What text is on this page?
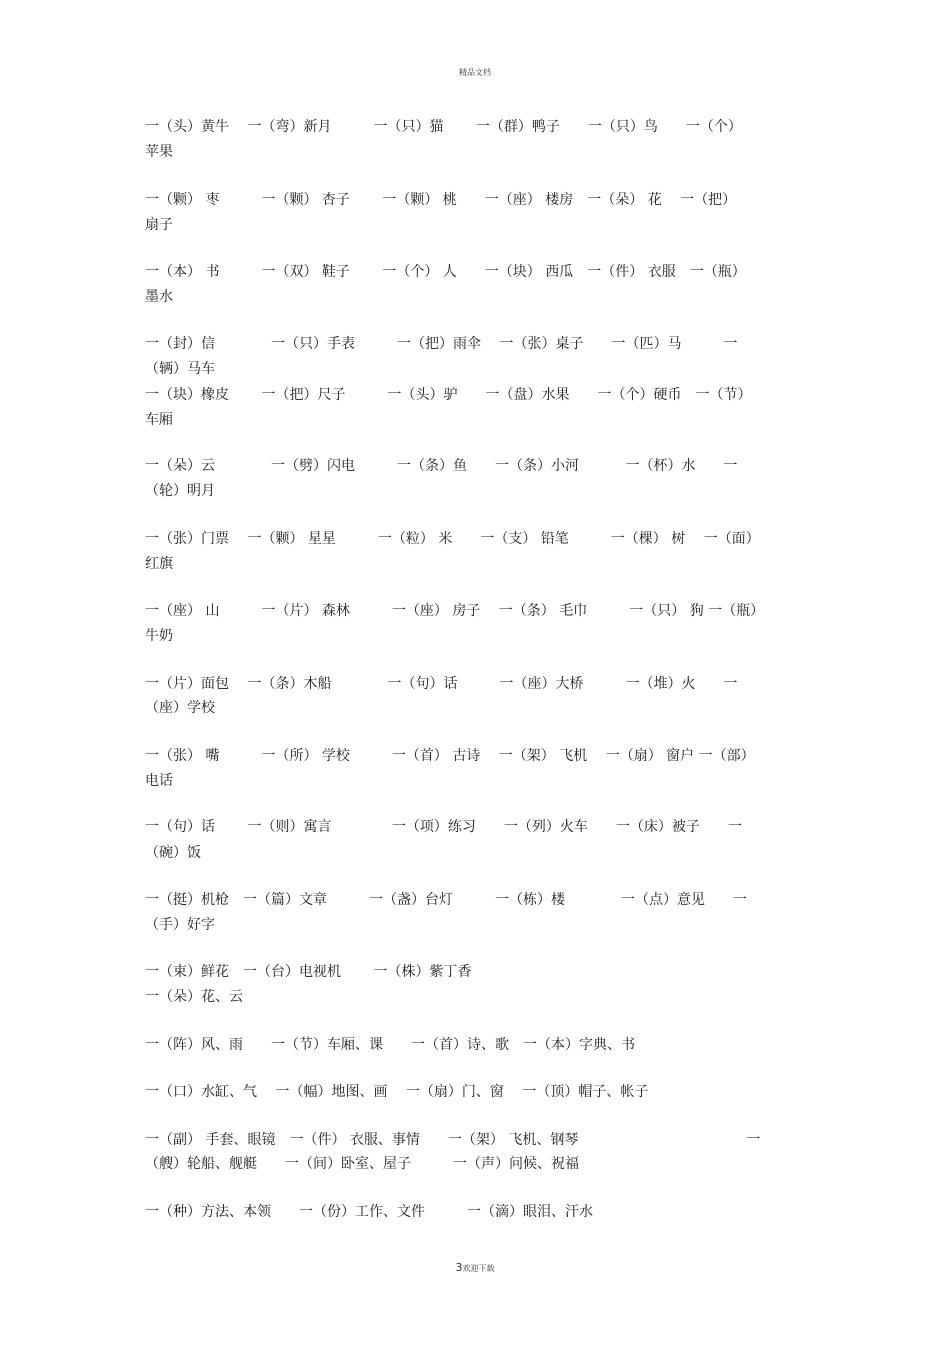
精品文档
一（头）黄牛　 一（弯）新月　　　一（只）猫　　 一（群）鸭子　　一（只）鸟　　一（个）
苹果
一（颗） 枣　　　一（颗） 杏子　　 一（颗） 桃　　一（座） 楼房　一（朵） 花　 一（把）
扇子
一（本） 书　　　一（双） 鞋子　　 一（个） 人　　一（块） 西瓜　一（件） 衣服　一（瓶）
墨水
一（封）信　　　　一（只）手表　　　一（把）雨伞　 一（张）桌子　　一（匹）马　　　一
（辆）马车
一（块）橡皮　　 一（把）尺子　　　一（头）驴　　一（盘）水果　　一（个）硬币　一（节）
车厢
一（朵）云　　　　一（劈）闪电　　　一（条）鱼　　一（条）小河　　　 一（杯）水　　一
（轮）明月
一（张）门票　 一（颗） 星星　　　一（粒） 米　　一（支） 铅笔　　　一（棵） 树　 一（面）
红旗
一（座） 山　　　一（片） 森林　　　一（座） 房子　 一（条） 毛巾　　　一（只） 狗 一（瓶）
牛奶
一（片）面包　 一（条）木船　　　　一（句）话　　　一（座）大桥　　　一（堆）火　　一
（座）学校
一（张） 嘴　　　一（所） 学校　　　一（首） 古诗　 一（架） 飞机　 一（扇） 窗户 一（部）
电话
一（句）话　　 一（则）寓言　　　　 一（项）练习　　一（列）火车　　一（床）被子　　一
（碗）饭
一（挺）机枪　一（篇）文章　　　一（盏）台灯　　　一（栋）楼　　　　一（点）意见　　一
（手）好字
一（束）鲜花　一（台）电视机　　 一（株）紫丁香
一（朵）花、云
一（阵）风、雨　　一（节）车厢、课　　一（首）诗、歌　一（本）字典、书
一（口）水缸、气　 一（幅）地图、画　 一（扇）门、窗　 一（顶）帽子、帐子
一（副） 手套、眼镜　一（件） 衣服、事情　　一（架） 飞机、钢琴　　　　　　　　　　　　一
（艘）轮船、舰艇　　一（间）卧室、屋子　　　一（声）问候、祝福
一（种）方法、本领　　一（份）工作、文件　　　一（滴）眼泪、汗水
3欢迎下载
